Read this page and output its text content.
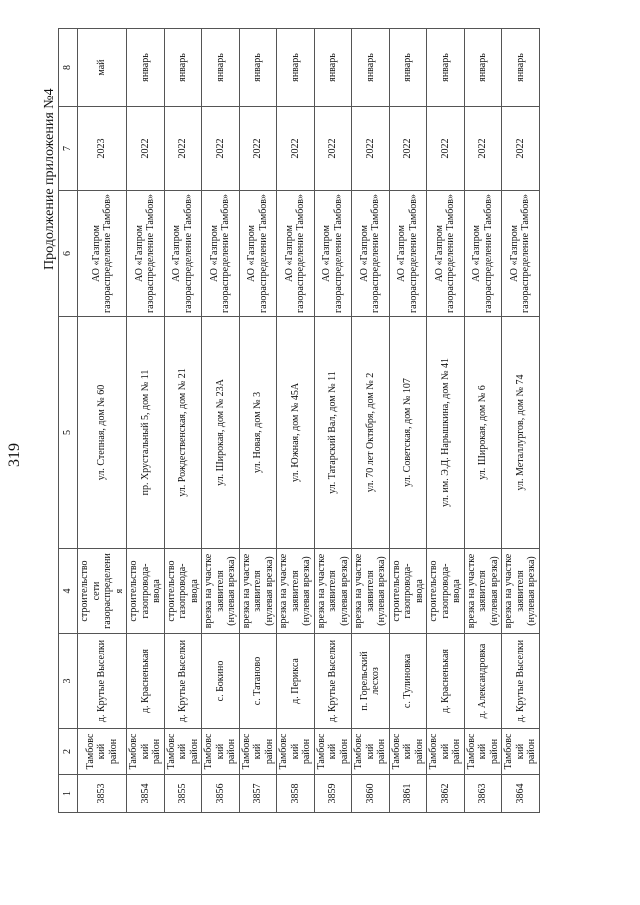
319
Продолжение приложения №4
1	2	3	4	5	6	7	8
3853	Тамбовский район	д. Крутые Выселки	строительство сети газораспределения	ул. Степная, дом № 60	АО «Газпром газораспределение Тамбов»	2023	май
3854	Тамбовский район	д. Красненькая	строительство газопровода-ввода	пр. Хрустальный 5, дом № 11	АО «Газпром газораспределение Тамбов»	2022	январь
3855	Тамбовский район	д. Крутые Выселки	строительство газопровода-ввода	ул. Рождественская, дом № 21	АО «Газпром газораспределение Тамбов»	2022	январь
3856	Тамбовский район	с. Бокино	врезка на участке заявителя (нулевая врезка)	ул. Широкая, дом № 23А	АО «Газпром газораспределение Тамбов»	2022	январь
3857	Тамбовский район	с. Татаново	врезка на участке заявителя (нулевая врезка)	ул. Новая, дом № 3	АО «Газпром газораспределение Тамбов»	2022	январь
3858	Тамбовский район	д. Перикса	врезка на участке заявителя (нулевая врезка)	ул. Южная, дом № 45А	АО «Газпром газораспределение Тамбов»	2022	январь
3859	Тамбовский район	д. Крутые Выселки	врезка на участке заявителя (нулевая врезка)	ул. Татарский Вал, дом № 11	АО «Газпром газораспределение Тамбов»	2022	январь
3860	Тамбовский район	п. Горельский лесхоз	врезка на участке заявителя (нулевая врезка)	ул. 70 лет Октября, дом № 2	АО «Газпром газораспределение Тамбов»	2022	январь
3861	Тамбовский район	с. Тулиновка	строительство газопровода-ввода	ул. Советская, дом № 107	АО «Газпром газораспределение Тамбов»	2022	январь
3862	Тамбовский район	д. Красненькая	строительство газопровода-ввода	ул. им. Э.Д. Нарышкина, дом № 41	АО «Газпром газораспределение Тамбов»	2022	январь
3863	Тамбовский район	д. Александровка	врезка на участке заявителя (нулевая врезка)	ул. Широкая, дом № 6	АО «Газпром газораспределение Тамбов»	2022	январь
3864	Тамбовский район	д. Крутые Выселки	врезка на участке заявителя (нулевая врезка)	ул. Металлургов, дом № 74	АО «Газпром газораспределение Тамбов»	2022	январь
